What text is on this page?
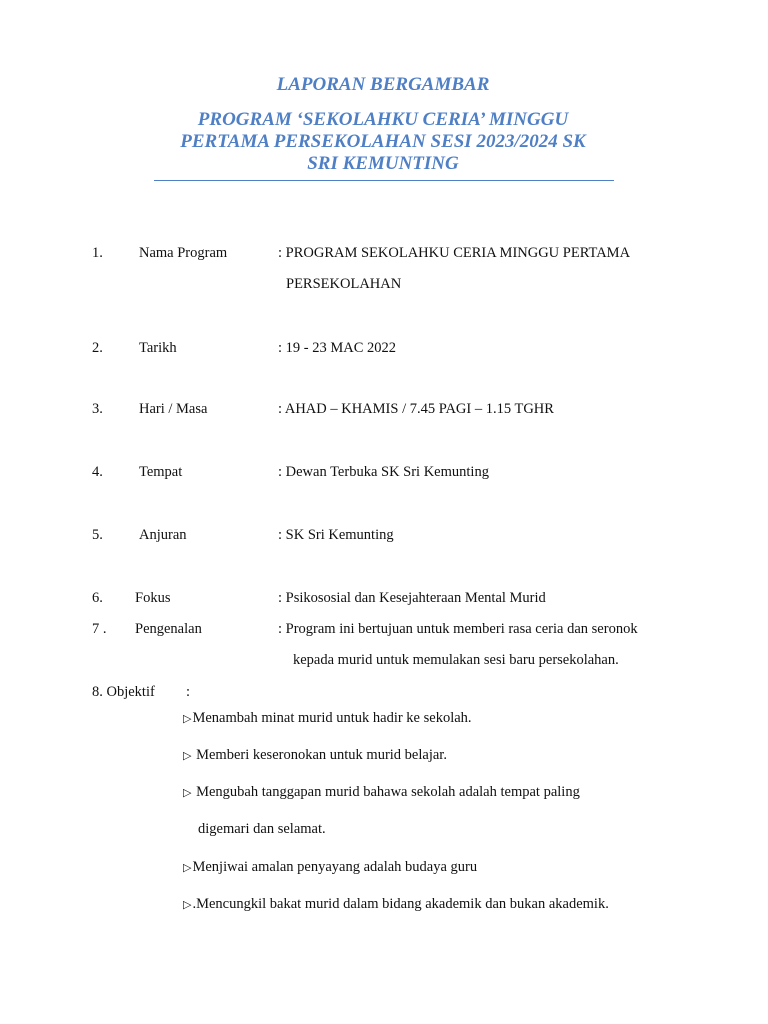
LAPORAN BERGAMBAR
PROGRAM ‘SEKOLAHKU CERIA’ MINGGU
PERTAMA PERSEKOLAHAN SESI 2023/2024 SK
SRI KEMUNTING
1. Nama Program	: PROGRAM SEKOLAHKU CERIA MINGGU PERTAMA
PERSEKOLAHAN
2. Tarikh	: 19 - 23 MAC 2022
3. Hari / Masa	: AHAD – KHAMIS / 7.45 PAGI – 1.15 TGHR
4. Tempat	: Dewan Terbuka SK Sri Kemunting
5. Anjuran	: SK Sri Kemunting
6. Fokus	: Psikososial dan Kesejahteraan Mental Murid
7 . Pengenalan	: Program ini bertujuan untuk memberi rasa ceria dan seronok
kepada murid untuk memulakan sesi baru persekolahan.
8. Objektif :
▷Menambah minat murid untuk hadir ke sekolah.
▷ Memberi keseronokan untuk murid belajar.
▷ Mengubah tanggapan murid bahawa sekolah adalah tempat paling
digemari dan selamat.
▷Menjiwai amalan penyayang adalah budaya guru
▷.Mencungkil bakat murid dalam bidang akademik dan bukan akademik.
